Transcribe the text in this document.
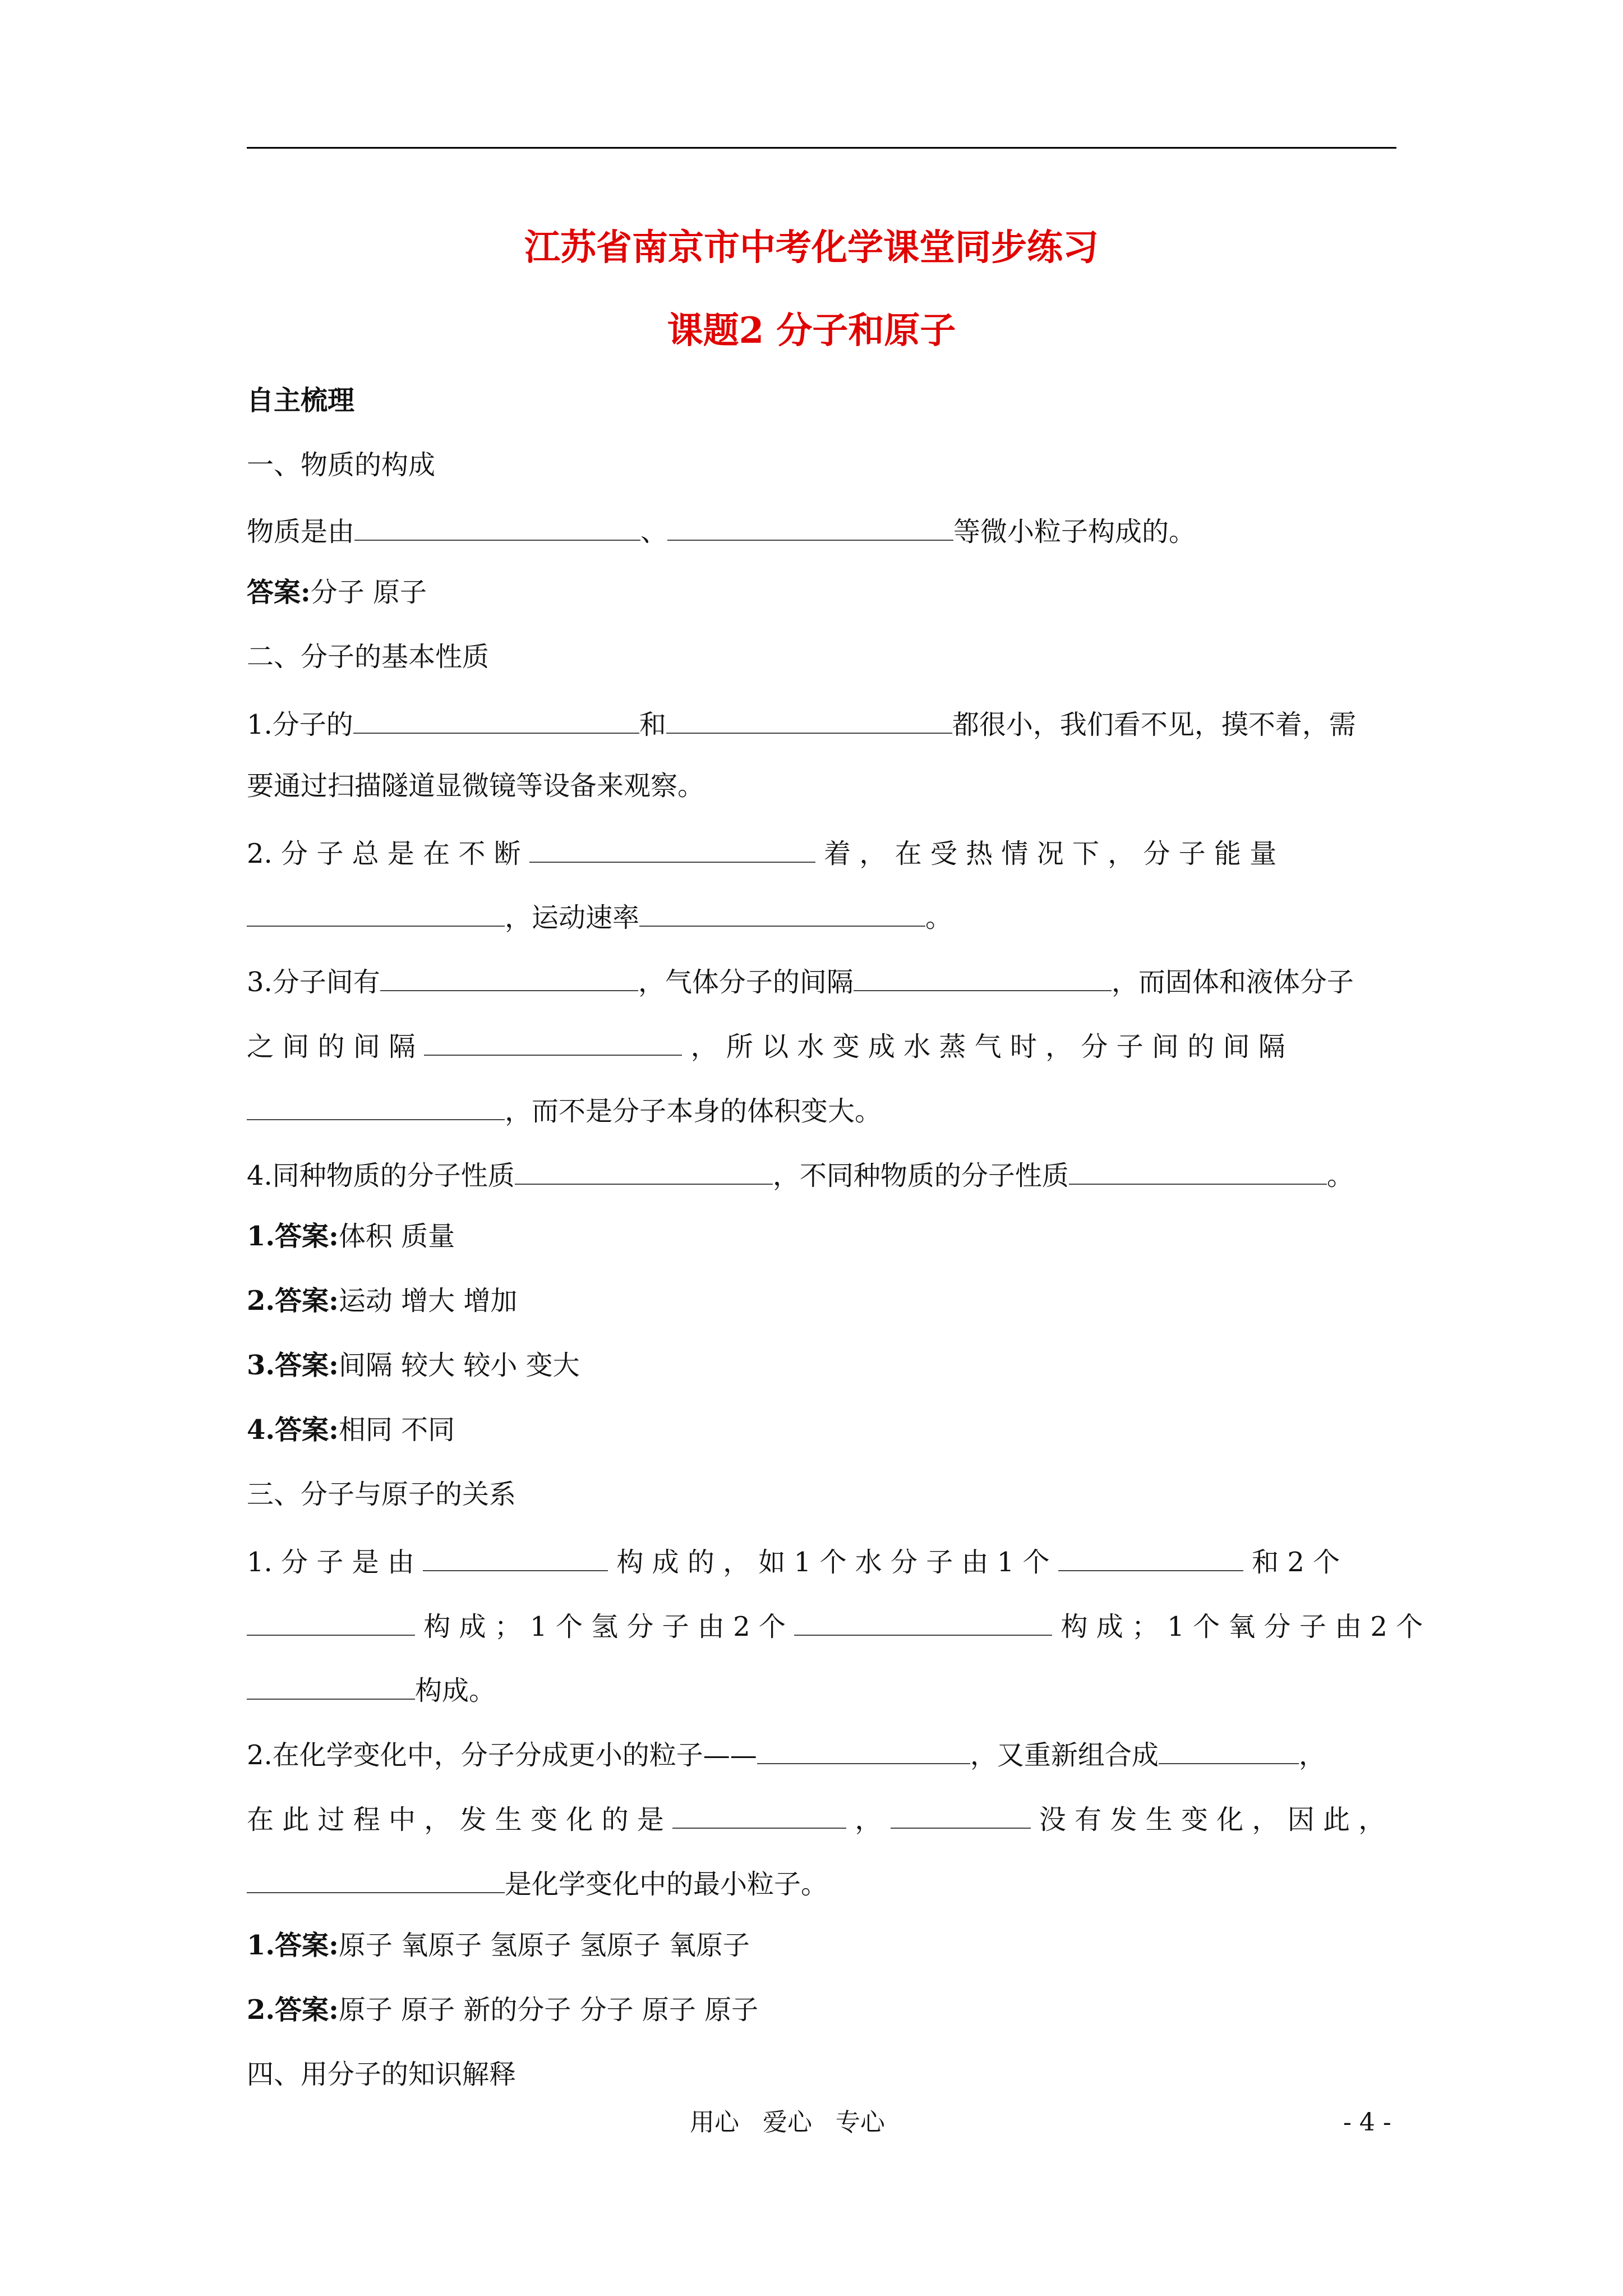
江苏省南京市中考化学课堂同步练习
课题2 分子和原子
自主梳理
一、物质的构成
物质是由	、	等微小粒子构成的。
答案:分子 原子
二、分子的基本性质
1.分子的	和	都很小，我们看不见，摸不着，需
要通过扫描隧道显微镜等设备来观察。
2. 分 子 总 是 在 不 断	着 ， 在 受 热 情 况 下 ， 分 子 能 量
，运动速率	。
3.分子间有	，气体分子的间隔	，而固体和液体分子
之 间 的 间 隔	， 所 以 水 变 成 水 蒸 气 时 ， 分 子 间 的 间 隔
，而不是分子本身的体积变大。
4.同种物质的分子性质	，不同种物质的分子性质	。
1.答案:体积 质量
2.答案:运动 增大 增加
3.答案:间隔 较大 较小 变大
4.答案:相同 不同
三、分子与原子的关系
1. 分 子 是 由	构 成 的 ， 如 1 个 水 分 子 由 1 个	和 2 个
构 成 ； 1 个 氢 分 子 由 2 个	构 成 ； 1 个 氧 分 子 由 2 个
构成。
2.在化学变化中，分子分成更小的粒子——	，又重新组合成	，
在 此 过 程 中 ， 发 生 变 化 的 是	，	没 有 发 生 变 化 ， 因 此 ，
是化学变化中的最小粒子。
1.答案:原子 氧原子 氢原子 氢原子 氧原子
2.答案:原子 原子 新的分子 分子 原子 原子
四、用分子的知识解释
用心   爱心   专心	- 4 -
